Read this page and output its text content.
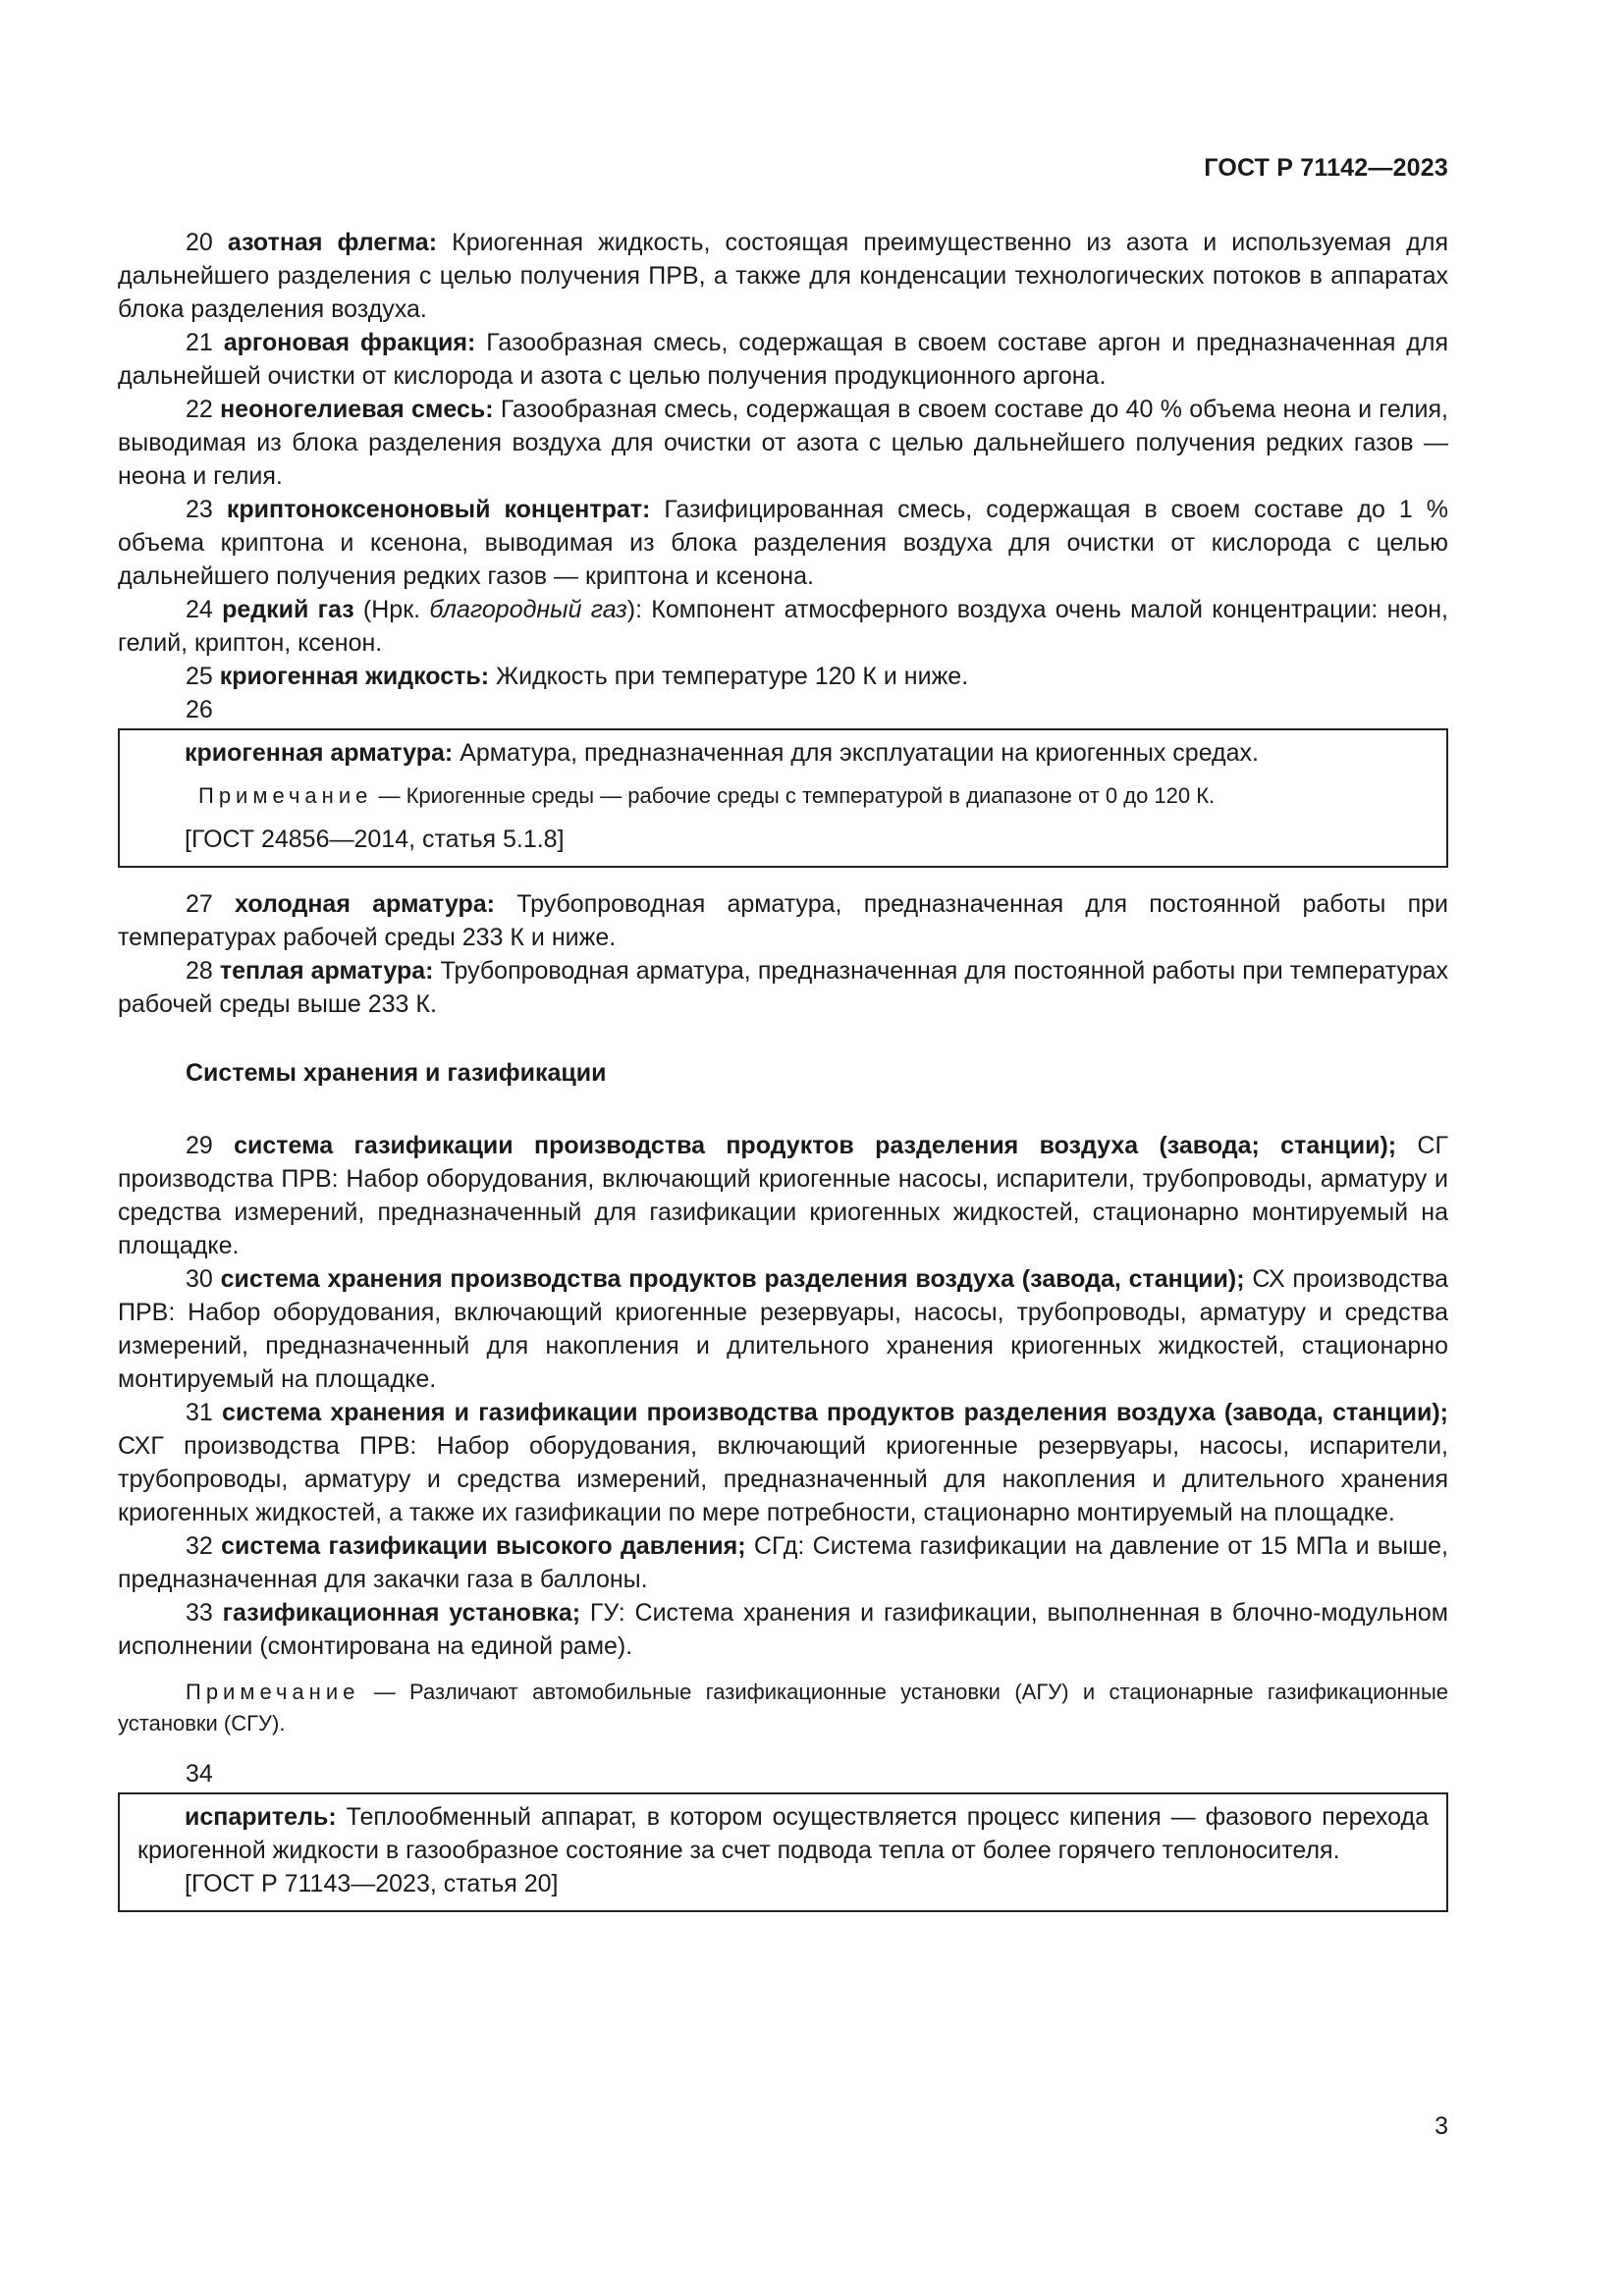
ГОСТ Р 71142—2023

20 азотная флегма: Криогенная жидкость, состоящая преимущественно из азота и используемая для дальнейшего разделения с целью получения ПРВ, а также для конденсации технологических потоков в аппаратах блока разделения воздуха.

21 аргоновая фракция: Газообразная смесь, содержащая в своем составе аргон и предназначенная для дальнейшей очистки от кислорода и азота с целью получения продукционного аргона.

22 неоногелиевая смесь: Газообразная смесь, содержащая в своем составе до 40 % объема неона и гелия, выводимая из блока разделения воздуха для очистки от азота с целью дальнейшего получения редких газов — неона и гелия.

23 криптоноксеноновый концентрат: Газифицированная смесь, содержащая в своем составе до 1 % объема криптона и ксенона, выводимая из блока разделения воздуха для очистки от кислорода с целью дальнейшего получения редких газов — криптона и ксенона.

24 редкий газ (Нрк. благородный газ): Компонент атмосферного воздуха очень малой концентрации: неон, гелий, криптон, ксенон.

25 криогенная жидкость: Жидкость при температуре 120 К и ниже.

26

криогенная арматура: Арматура, предназначенная для эксплуатации на криогенных средах.

Примечание — Криогенные среды — рабочие среды с температурой в диапазоне от 0 до 120 К.

[ГОСТ 24856—2014, статья 5.1.8]

27 холодная арматура: Трубопроводная арматура, предназначенная для постоянной работы при температурах рабочей среды 233 К и ниже.

28 теплая арматура: Трубопроводная арматура, предназначенная для постоянной работы при температурах рабочей среды выше 233 К.

Системы хранения и газификации

29 система газификации производства продуктов разделения воздуха (завода; станции); СГ производства ПРВ: Набор оборудования, включающий криогенные насосы, испарители, трубопроводы, арматуру и средства измерений, предназначенный для газификации криогенных жидкостей, стационарно монтируемый на площадке.

30 система хранения производства продуктов разделения воздуха (завода, станции); СХ производства ПРВ: Набор оборудования, включающий криогенные резервуары, насосы, трубопроводы, арматуру и средства измерений, предназначенный для накопления и длительного хранения криогенных жидкостей, стационарно монтируемый на площадке.

31 система хранения и газификации производства продуктов разделения воздуха (завода, станции); СХГ производства ПРВ: Набор оборудования, включающий криогенные резервуары, насосы, испарители, трубопроводы, арматуру и средства измерений, предназначенный для накопления и длительного хранения криогенных жидкостей, а также их газификации по мере потребности, стационарно монтируемый на площадке.

32 система газификации высокого давления; СГд: Система газификации на давление от 15 МПа и выше, предназначенная для закачки газа в баллоны.

33 газификационная установка; ГУ: Система хранения и газификации, выполненная в блочно-модульном исполнении (смонтирована на единой раме).

Примечание — Различают автомобильные газификационные установки (АГУ) и стационарные газификационные установки (СГУ).

34

испаритель: Теплообменный аппарат, в котором осуществляется процесс кипения — фазового перехода криогенной жидкости в газообразное состояние за счет подвода тепла от более горячего теплоносителя.

[ГОСТ Р 71143—2023, статья 20]

3
